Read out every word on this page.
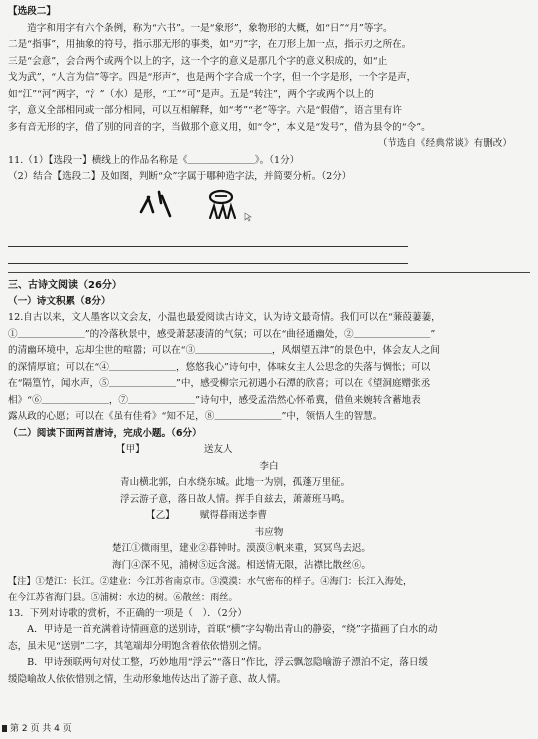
【选段二】
　　造字和用字有六个条例，称为“六书”。一是“象形”，象物形的大概，如“日”“月”等字。
二是“指事”，用抽象的符号，指示那无形的事类，如“刃”字，在刀形上加一点，指示刃之所在。
三是“会意”，会合两个或两个以上的字，这一个字的意义是那几个字的意义积成的，如“止
戈为武”，“人言为信”等字。四是“形声”，也是两个字合成一个字，但一个字是形，一个字是声，
如“江”“河”两字，“氵”（水）是形，“工”“可”是声。五是“转注”，两个字或两个以上的
字，意义全部相同或一部分相同，可以互相解释，如“考”“老”等字。六是“假借”，语言里有许
多有音无形的字，借了别的同音的字，当做那个意义用，如“令”，本义是“发号”，借为县令的“令”。
（节选自《经典常谈》有删改）
11.（1）【选段一】横线上的作品名称是《＿＿＿＿＿＿＿》。（1分）
（2）结合【选段二】及如图，判断“众”字属于哪种造字法，并简要分析。（2分）
三、古诗文阅读（26分）
（一）诗文积累（8分）
12.自古以来，文人墨客以文会友，小温也最爱阅读古诗文，认为诗文最奇情。我们可以在“蒹葭萋萋，
①＿＿＿＿＿＿＿”的冷落秋景中，感受萧瑟凄清的气氛；可以在“曲径通幽处，②＿＿＿＿＿＿＿＿”
的清幽环境中，忘却尘世的喧嚣；可以在“③＿＿＿＿＿＿＿＿，风烟望五津”的景色中，体会友人之间
的深情厚谊；可以在“④＿＿＿＿＿＿＿，悠悠我心”诗句中，体味女主人公思念的失落与惆怅；可以
在“隔篁竹，闻水声，⑤＿＿＿＿＿＿＿”中，感受柳宗元初遇小石潭的欣喜；可以在《望洞庭赠张丞
相》“⑥＿＿＿＿＿＿＿，⑦＿＿＿＿＿＿＿”诗句中，感受孟浩然心怀希冀，借鱼来婉转含蓄地表
露从政的心愿；可以在《虽有佳肴》“知不足，⑧＿＿＿＿＿＿＿”中，领悟人生的智慧。
（二）阅读下面两首唐诗，完成小题。（6分）
【甲】	送友人
李白
青山横北郭，白水绕东城。此地一为别，孤蓬万里征。
浮云游子意，落日故人情。挥手自兹去，萧萧班马鸣。
【乙】	赋得暮雨送李曹
韦应物
楚江①微雨里，建业②暮钟时。漠漠③帆来重，冥冥鸟去迟。
海门④深不见，浦树⑤远含滋。相送情无限，沾襟比散丝⑥。
【注】①楚江：长江。②建业：今江苏省南京市。③漠漠：水气密布的样子。④海门：长江入海处，
在今江苏省海门县。⑤浦树：水边的树。⑥散丝：雨丝。
13．下列对诗歌的赏析，不正确的一项是（　）．（2分）
　　A．甲诗是一首充满着诗情画意的送别诗，首联“横”字勾勒出青山的静姿，“绕”字描画了白水的动
态，虽未见“送别”二字，其笔端却分明饱含着依依惜别之情。
　　B．甲诗颈联两句对仗工整，巧妙地用“浮云”“落日”作比，浮云飘忽隐喻游子漂泊不定，落日缓
缓隐喻故人依依惜别之情，生动形象地传达出了游子意、故人情。
第 2 页 共 4 页
